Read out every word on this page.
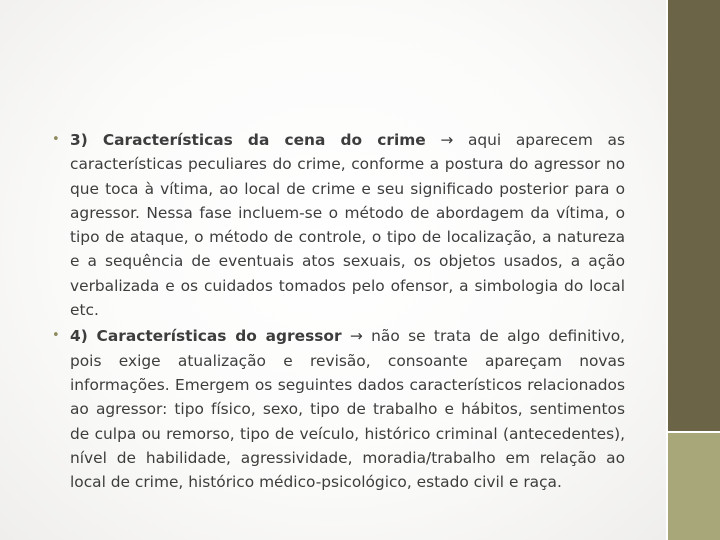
• 3) Características da cena do crime → aqui aparecem as características peculiares do crime, conforme a postura do agressor no que toca à vítima, ao local de crime e seu significado posterior para o agressor. Nessa fase incluem-se o método de abordagem da vítima, o tipo de ataque, o método de controle, o tipo de localização, a natureza e a sequência de eventuais atos sexuais, os objetos usados, a ação verbalizada e os cuidados tomados pelo ofensor, a simbologia do local etc.
• 4) Características do agressor → não se trata de algo definitivo, pois exige atualização e revisão, consoante apareçam novas informações. Emergem os seguintes dados característicos relacionados ao agressor: tipo físico, sexo, tipo de trabalho e hábitos, sentimentos de culpa ou remorso, tipo de veículo, histórico criminal (antecedentes), nível de habilidade, agressividade, moradia/trabalho em relação ao local de crime, histórico médico-psicológico, estado civil e raça.
